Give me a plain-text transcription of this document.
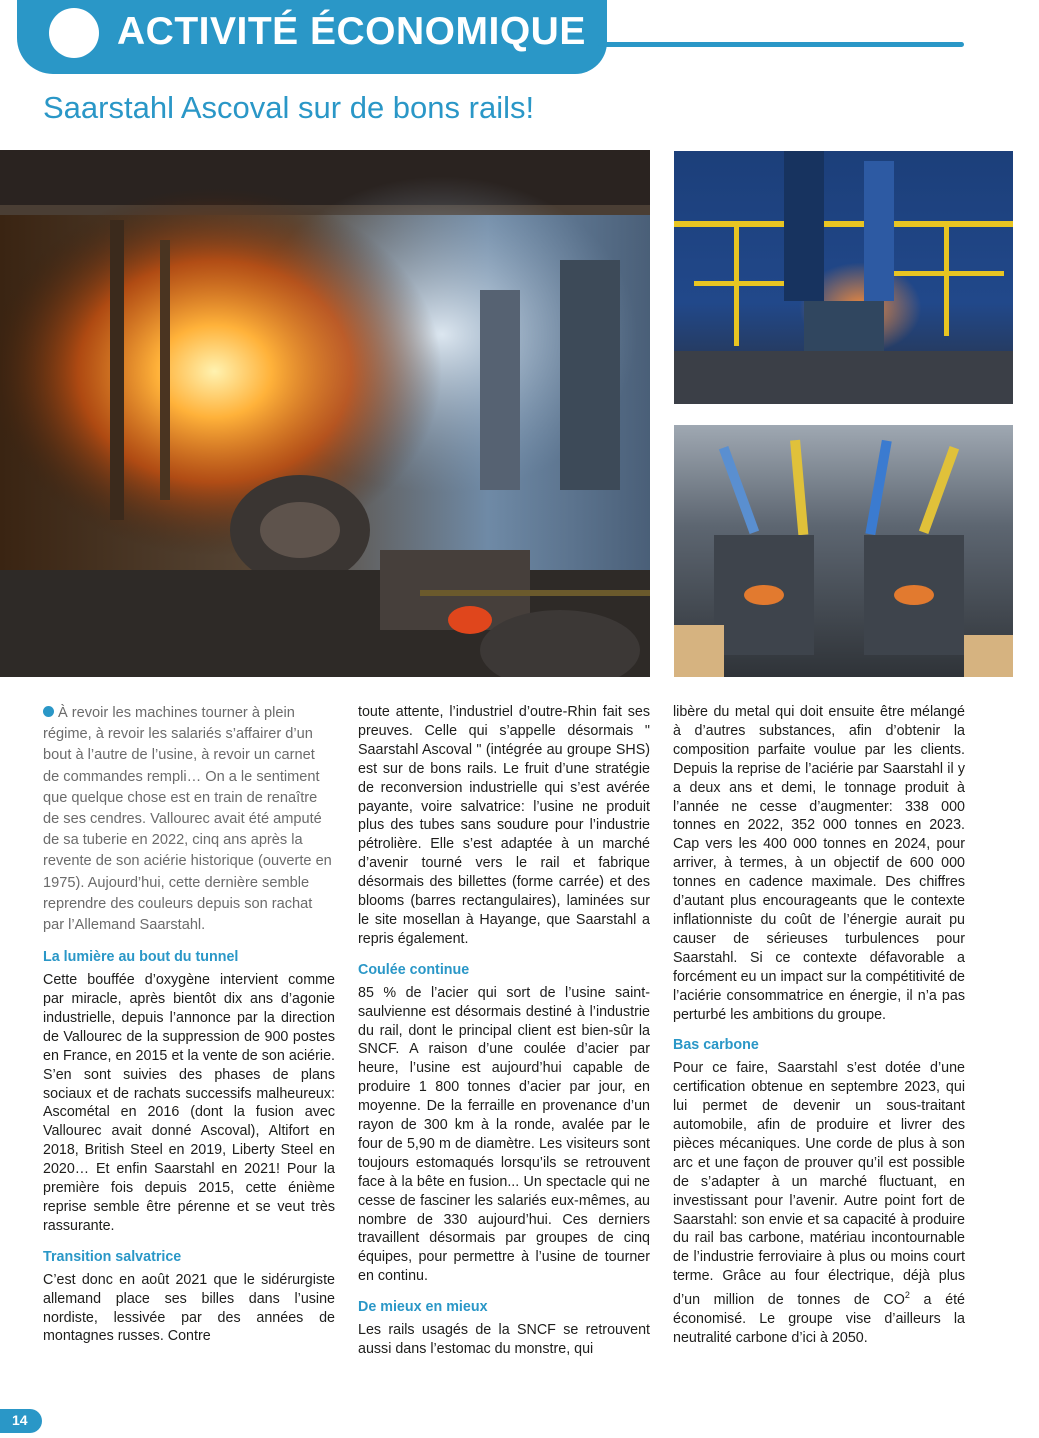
ACTIVITÉ ÉCONOMIQUE
Saarstahl Ascoval sur de bons rails!

À revoir les machines tourner à plein régime, à revoir les salariés s’affairer d’un bout à l’autre de l’usine, à revoir un carnet de commandes rempli… On a le sentiment que quelque chose est en train de renaître de ses cendres. Vallourec avait été amputé de sa tuberie en 2022, cinq ans après la revente de son aciérie historique (ouverte en 1975). Aujourd’hui, cette dernière semble reprendre des couleurs depuis son rachat par l’Allemand Saarstahl.

La lumière au bout du tunnel

Cette bouffée d’oxygène intervient comme par miracle, après bientôt dix ans d’agonie industrielle, depuis l’annonce par la direction de Vallourec de la suppression de 900 postes en France, en 2015 et la vente de son aciérie. S’en sont suivies des phases de plans sociaux et de rachats successifs malheureux: Ascométal en 2016 (dont la fusion avec Vallourec avait donné Ascoval), Altifort en 2018, British Steel en 2019, Liberty Steel en 2020… Et enfin Saarstahl en 2021! Pour la première fois depuis 2015, cette énième reprise semble être pérenne et se veut très rassurante.

Transition salvatrice

C’est donc en août 2021 que le sidérurgiste allemand place ses billes dans l’usine nordiste, lessivée par des années de montagnes russes. Contre

toute attente, l’industriel d’outre-Rhin fait ses preuves. Celle qui s’appelle désormais " Saarstahl Ascoval " (intégrée au groupe SHS) est sur de bons rails. Le fruit d’une stratégie de reconversion industrielle qui s’est avérée payante, voire salvatrice: l’usine ne produit plus des tubes sans soudure pour l’industrie pétrolière. Elle s’est adaptée à un marché d’avenir tourné vers le rail et fabrique désormais des billettes (forme carrée) et des blooms (barres rectangulaires), laminées sur le site mosellan à Hayange, que Saarstahl a repris également.

Coulée continue

85 % de l’acier qui sort de l’usine saint-saulvienne est désormais destiné à l’industrie du rail, dont le principal client est bien-sûr la SNCF. A raison d’une coulée d’acier par heure, l’usine est aujourd’hui capable de produire 1 800 tonnes d’acier par jour, en moyenne. De la ferraille en provenance d’un rayon de 300 km à la ronde, avalée par le four de 5,90 m de diamètre. Les visiteurs sont toujours estomaqués lorsqu’ils se retrouvent face à la bête en fusion... Un spectacle qui ne cesse de fasciner les salariés eux-mêmes, au nombre de 330 aujourd’hui. Ces derniers travaillent désormais par groupes de cinq équipes, pour permettre à l’usine de tourner en continu.

De mieux en mieux

Les rails usagés de la SNCF se retrouvent aussi dans l’estomac du monstre, qui

libère du metal qui doit ensuite être mélangé à d’autres substances, afin d’obtenir la composition parfaite voulue par les clients. Depuis la reprise de l’aciérie par Saarstahl il y a deux ans et demi, le tonnage produit à l’année ne cesse d’augmenter: 338 000 tonnes en 2022, 352 000 tonnes en 2023. Cap vers les 400 000 tonnes en 2024, pour arriver, à termes, à un objectif de 600 000 tonnes en cadence maximale. Des chiffres d’autant plus encourageants que le contexte inflationniste du coût de l’énergie aurait pu causer de sérieuses turbulences pour Saarstahl. Si ce contexte défavorable a forcément eu un impact sur la compétitivité de l’aciérie consommatrice en énergie, il n’a pas perturbé les ambitions du groupe.

Bas carbone

Pour ce faire, Saarstahl s’est dotée d’une certification obtenue en septembre 2023, qui lui permet de devenir un sous-traitant automobile, afin de produire et livrer des pièces mécaniques. Une corde de plus à son arc et une façon de prouver qu’il est possible de s’adapter à un marché fluctuant, en investissant pour l’avenir. Autre point fort de Saarstahl: son envie et sa capacité à produire du rail bas carbone, matériau incontournable de l’industrie ferroviaire à plus ou moins court terme. Grâce au four électrique, déjà plus d’un million de tonnes de $CO^2$ a été économisé. Le groupe vise d’ailleurs la neutralité carbone d’ici à 2050.

14
